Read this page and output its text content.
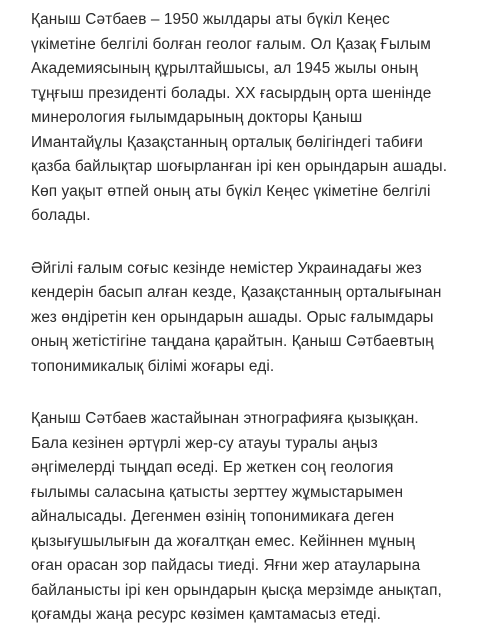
Қаныш Сәтбаев – 1950 жылдары аты бүкіл Кеңес
үкіметіне белгілі болған геолог ғалым. Ол Қазақ Ғылым
Академиясының құрылтайшысы, ал 1945 жылы оның
тұңғыш президенті болады. ХХ ғасырдың орта шенінде
минерология ғылымдарының докторы Қаныш
Имантайұлы Қазақстанның орталық бөлігіндегі табиғи
қазба байлықтар шоғырланған ірі кен орындарын ашады.
Көп уақыт өтпей оның аты бүкіл Кеңес үкіметіне белгілі
болады.

Әйгілі ғалым соғыс кезінде немістер Украинадағы жез
кендерін басып алған кезде, Қазақстанның орталығынан
жез өндіретін кен орындарын ашады. Орыс ғалымдары
оның жетістігіне таңдана қарайтын. Қаныш Сәтбаевтың
топонимикалық білімі жоғары еді.

Қаныш Сәтбаев жастайынан этнографияға қызыққан.
Бала кезінен әртүрлі жер-су атауы туралы аңыз
әңгімелерді тыңдап өседі. Ер жеткен соң геология
ғылымы саласына қатысты зерттеу жұмыстарымен
айналысады. Дегенмен өзінің топонимикаға деген
қызығушылығын да жоғалтқан емес. Кейіннен мұның
оған орасан зор пайдасы тиеді. Яғни жер атауларына
байланысты ірі кен орындарын қысқа мерзімде анықтап,
қоғамды жаңа ресурс көзімен қамтамасыз етеді.
